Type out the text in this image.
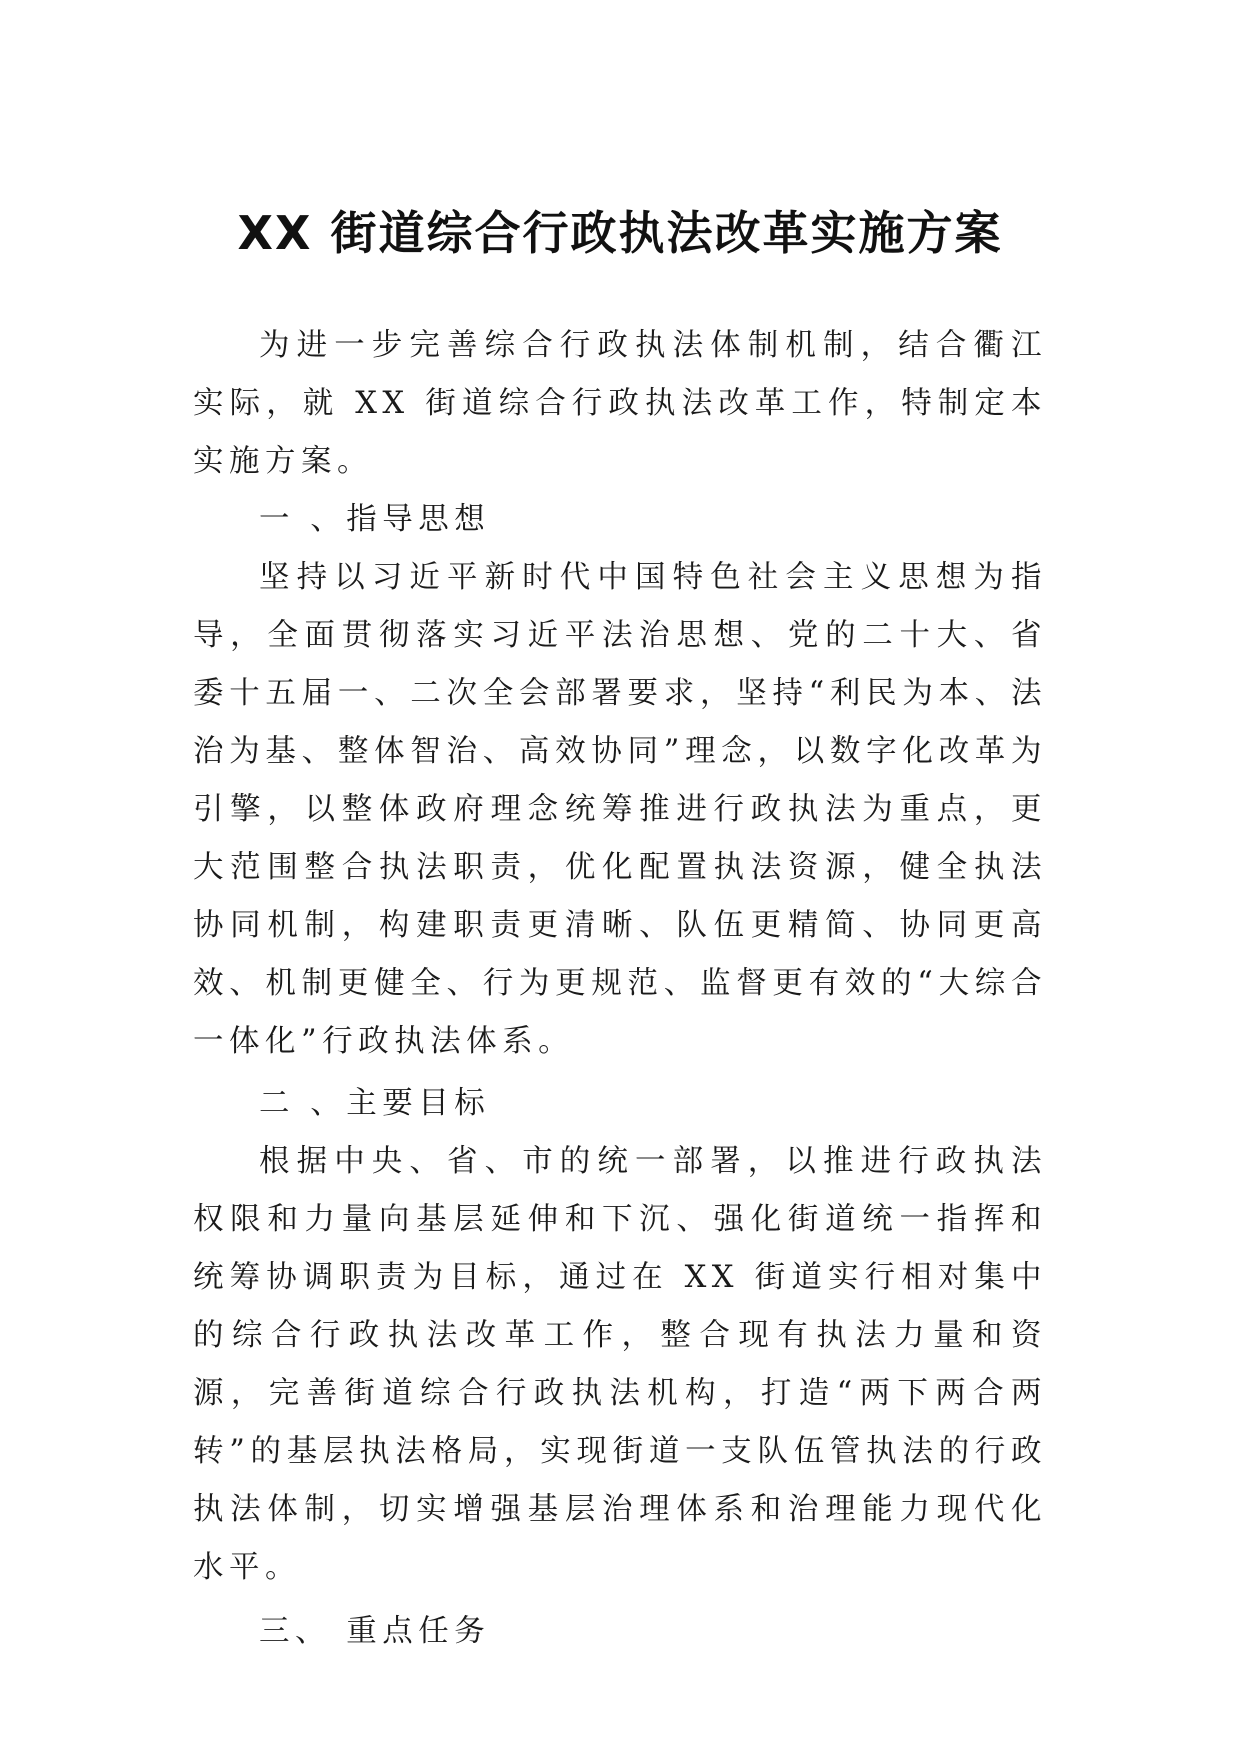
XX 街道综合行政执法改革实施方案

为进一步完善综合行政执法体制机制，结合衢江实际，就 XX 街道综合行政执法改革工作，特制定本实施方案。

一 、指导思想

坚持以习近平新时代中国特色社会主义思想为指导，全面贯彻落实习近平法治思想、党的二十大、省委十五届一、二次全会部署要求，坚持“利民为本、法治为基、整体智治、高效协同”理念，以数字化改革为引擎，以整体政府理念统筹推进行政执法为重点，更大范围整合执法职责，优化配置执法资源，健全执法协同机制，构建职责更清晰、队伍更精简、协同更高效、机制更健全、行为更规范、监督更有效的“大综合一体化”行政执法体系。

二 、主要目标

根据中央、省、市的统一部署，以推进行政执法权限和力量向基层延伸和下沉、强化街道统一指挥和统筹协调职责为目标，通过在 XX 街道实行相对集中的综合行政执法改革工作，整合现有执法力量和资源，完善街道综合行政执法机构，打造“两下两合两转”的基层执法格局，实现街道一支队伍管执法的行政执法体制，切实增强基层治理体系和治理能力现代化水平。

三、 重点任务
